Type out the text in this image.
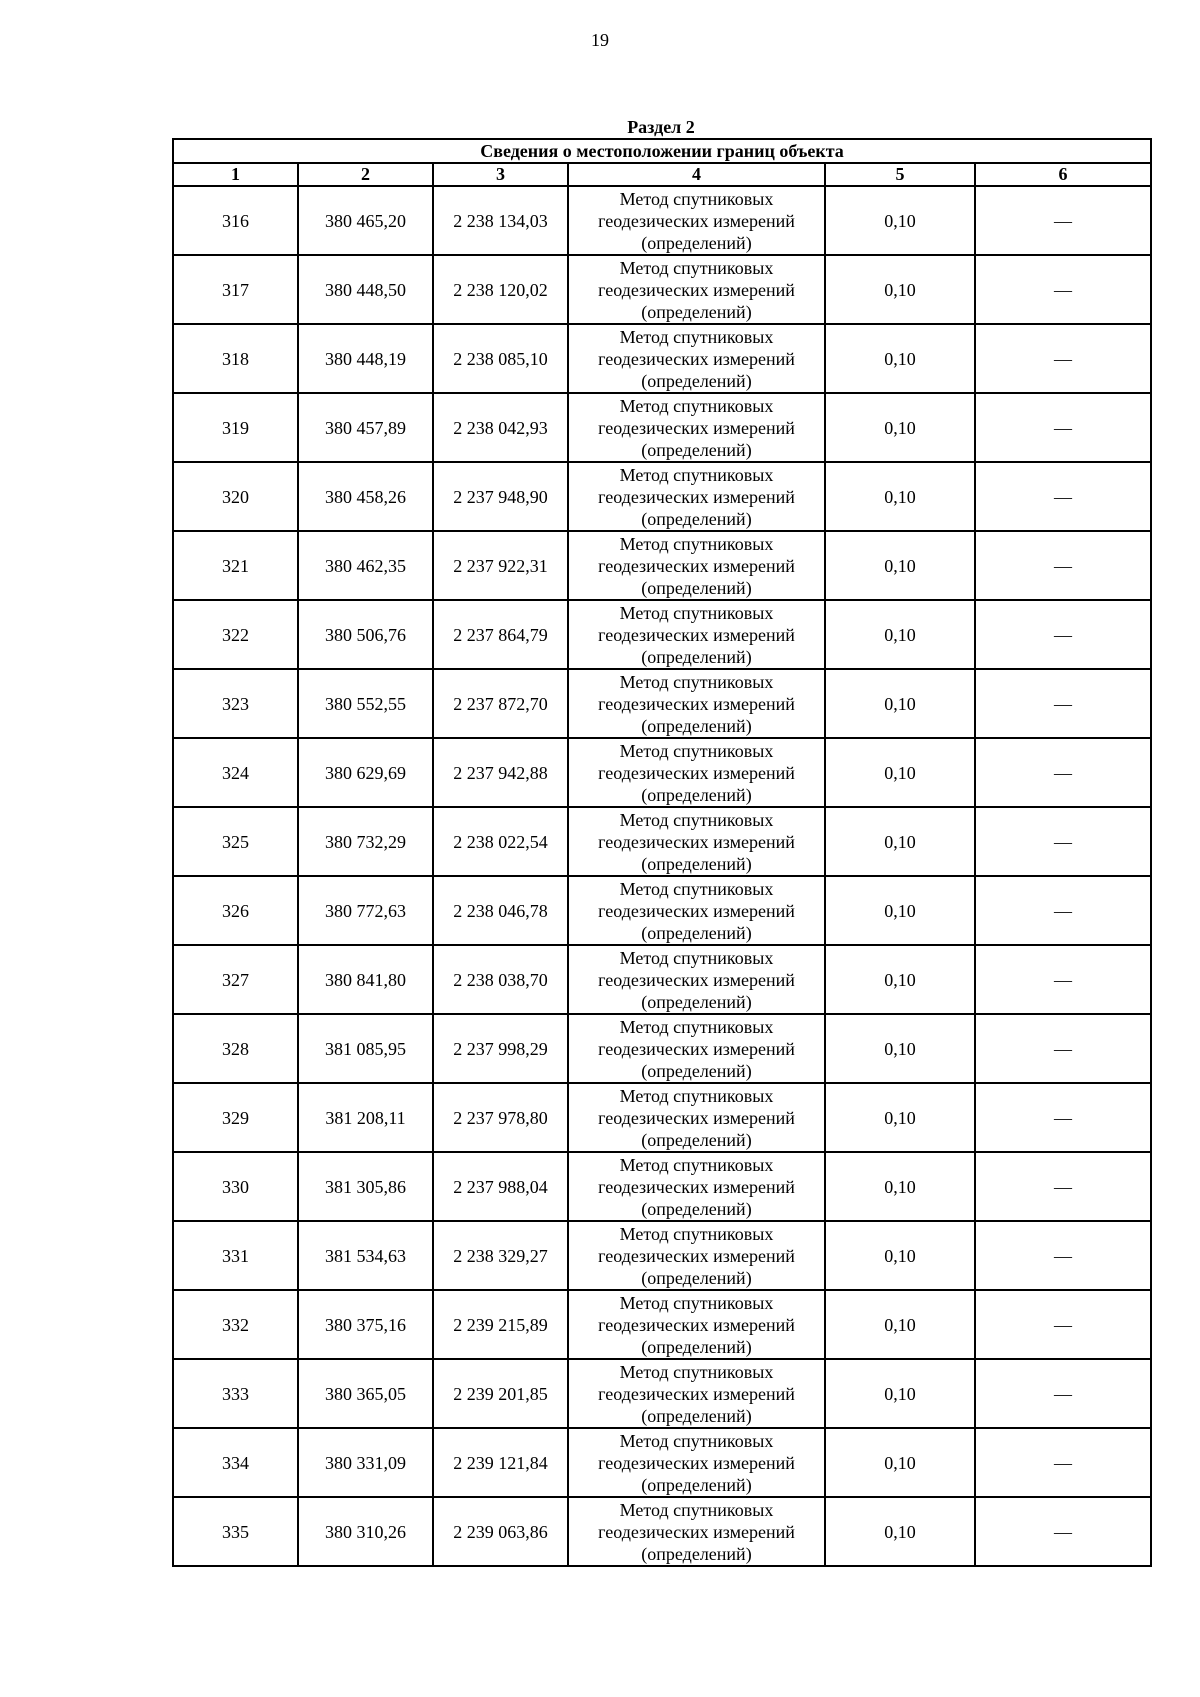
19
Раздел 2
Сведения о местоположении границ объекта					
1	2	3	4	5	6
316	380 465,20	2 238 134,03	Метод спутниковых
геодезических измерений
(определений)	0,10	—
317	380 448,50	2 238 120,02	Метод спутниковых
геодезических измерений
(определений)	0,10	—
318	380 448,19	2 238 085,10	Метод спутниковых
геодезических измерений
(определений)	0,10	—
319	380 457,89	2 238 042,93	Метод спутниковых
геодезических измерений
(определений)	0,10	—
320	380 458,26	2 237 948,90	Метод спутниковых
геодезических измерений
(определений)	0,10	—
321	380 462,35	2 237 922,31	Метод спутниковых
геодезических измерений
(определений)	0,10	—
322	380 506,76	2 237 864,79	Метод спутниковых
геодезических измерений
(определений)	0,10	—
323	380 552,55	2 237 872,70	Метод спутниковых
геодезических измерений
(определений)	0,10	—
324	380 629,69	2 237 942,88	Метод спутниковых
геодезических измерений
(определений)	0,10	—
325	380 732,29	2 238 022,54	Метод спутниковых
геодезических измерений
(определений)	0,10	—
326	380 772,63	2 238 046,78	Метод спутниковых
геодезических измерений
(определений)	0,10	—
327	380 841,80	2 238 038,70	Метод спутниковых
геодезических измерений
(определений)	0,10	—
328	381 085,95	2 237 998,29	Метод спутниковых
геодезических измерений
(определений)	0,10	—
329	381 208,11	2 237 978,80	Метод спутниковых
геодезических измерений
(определений)	0,10	—
330	381 305,86	2 237 988,04	Метод спутниковых
геодезических измерений
(определений)	0,10	—
331	381 534,63	2 238 329,27	Метод спутниковых
геодезических измерений
(определений)	0,10	—
332	380 375,16	2 239 215,89	Метод спутниковых
геодезических измерений
(определений)	0,10	—
333	380 365,05	2 239 201,85	Метод спутниковых
геодезических измерений
(определений)	0,10	—
334	380 331,09	2 239 121,84	Метод спутниковых
геодезических измерений
(определений)	0,10	—
335	380 310,26	2 239 063,86	Метод спутниковых
геодезических измерений
(определений)	0,10	—
